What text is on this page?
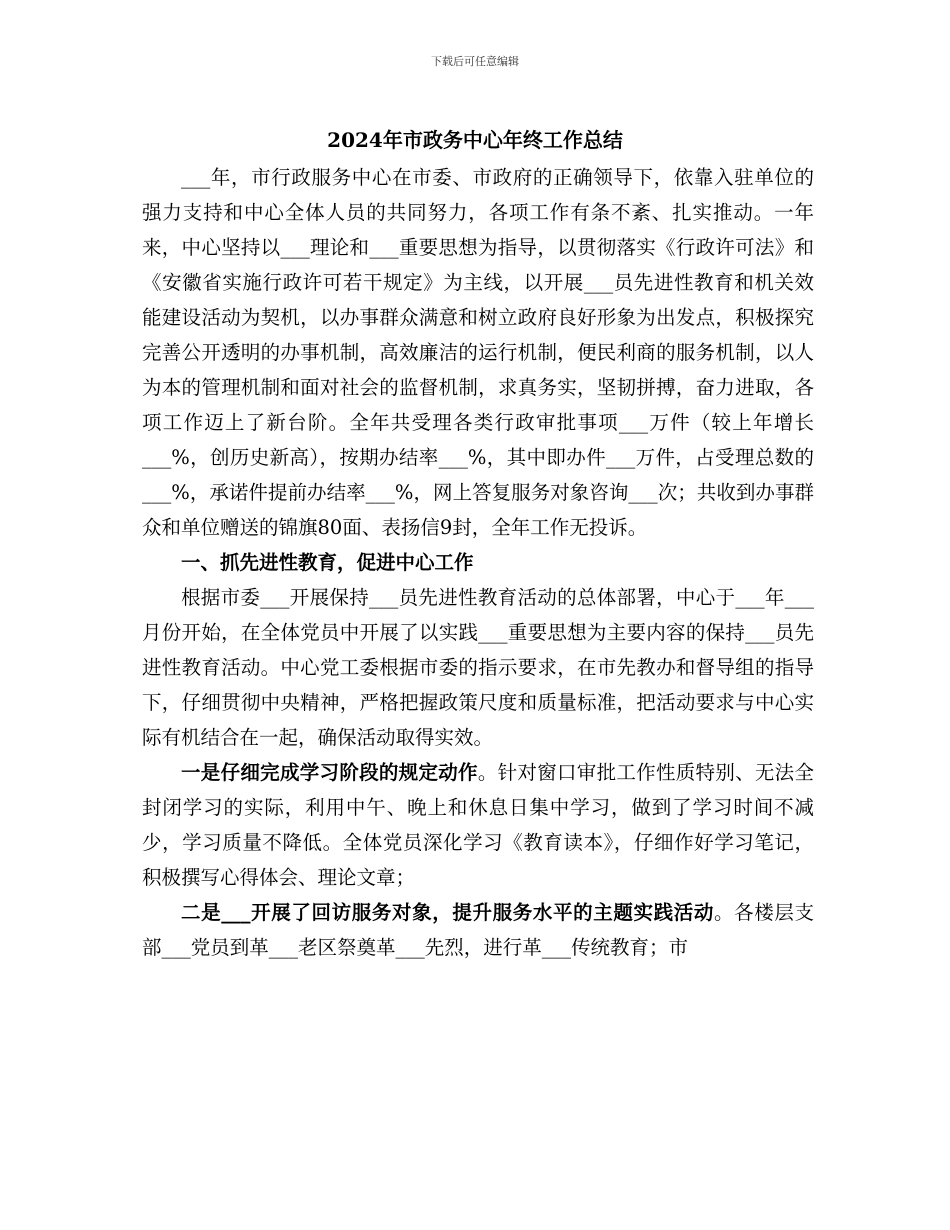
下载后可任意编辑
2024年市政务中心年终工作总结

___年，市行政服务中心在市委、市政府的正确领导下，依靠入驻单位的强力支持和中心全体人员的共同努力，各项工作有条不紊、扎实推动。一年来，中心坚持以___理论和___重要思想为指导，以贯彻落实《行政许可法》和《安徽省实施行政许可若干规定》为主线，以开展___员先进性教育和机关效能建设活动为契机，以办事群众满意和树立政府良好形象为出发点，积极探究完善公开透明的办事机制，高效廉洁的运行机制，便民利商的服务机制，以人为本的管理机制和面对社会的监督机制，求真务实，坚韧拼搏，奋力进取，各项工作迈上了新台阶。全年共受理各类行政审批事项___万件（较上年增长___%，创历史新高），按期办结率___%，其中即办件___万件，占受理总数的___%，承诺件提前办结率___%，网上答复服务对象咨询___次；共收到办事群众和单位赠送的锦旗80面、表扬信9封，全年工作无投诉。

一、抓先进性教育，促进中心工作

根据市委___开展保持___员先进性教育活动的总体部署，中心于___年___月份开始，在全体党员中开展了以实践___重要思想为主要内容的保持___员先进性教育活动。中心党工委根据市委的指示要求，在市先教办和督导组的指导下，仔细贯彻中央精神，严格把握政策尺度和质量标准，把活动要求与中心实际有机结合在一起，确保活动取得实效。

一是仔细完成学习阶段的规定动作。针对窗口审批工作性质特别、无法全封闭学习的实际，利用中午、晚上和休息日集中学习，做到了学习时间不减少，学习质量不降低。全体党员深化学习《教育读本》，仔细作好学习笔记，积极撰写心得体会、理论文章；

二是___开展了回访服务对象，提升服务水平的主题实践活动。各楼层支部___党员到革___老区祭奠革___先烈，进行革___传统教育；市
